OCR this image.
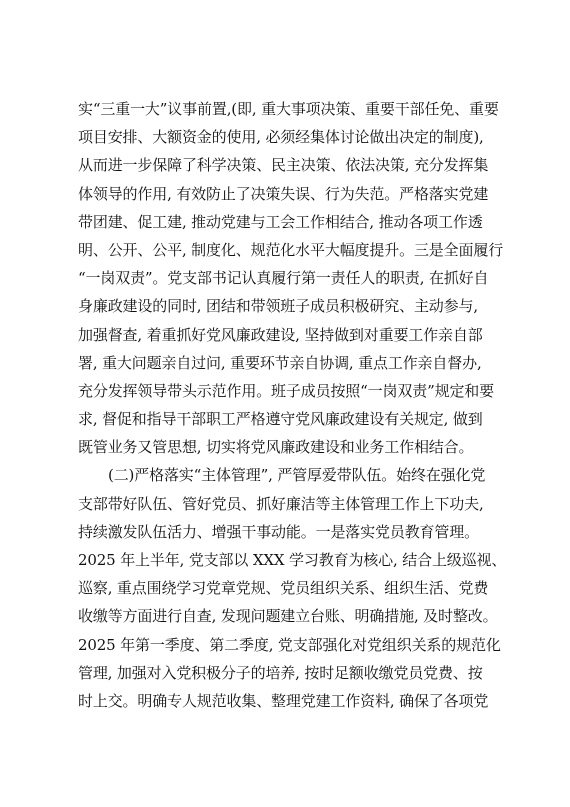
实“三重一大”议事前置,(即, 重大事项决策、重要干部任免、重要
项目安排、大额资金的使用, 必须经集体讨论做出决定的制度),
从而进一步保障了科学决策、民主决策、依法决策, 充分发挥集
体领导的作用, 有效防止了决策失误、行为失范。严格落实党建
带团建、促工建, 推动党建与工会工作相结合, 推动各项工作透
明、公开、公平, 制度化、规范化水平大幅度提升。三是全面履行
“一岗双责”。党支部书记认真履行第一责任人的职责, 在抓好自
身廉政建设的同时, 团结和带领班子成员积极研究、主动参与,
加强督查, 着重抓好党风廉政建设, 坚持做到对重要工作亲自部
署, 重大问题亲自过问, 重要环节亲自协调, 重点工作亲自督办,
充分发挥领导带头示范作用。班子成员按照“一岗双责”规定和要
求, 督促和指导干部职工严格遵守党风廉政建设有关规定, 做到
既管业务又管思想, 切实将党风廉政建设和业务工作相结合。
(二)严格落实“主体管理”, 严管厚爱带队伍。始终在强化党
支部带好队伍、管好党员、抓好廉洁等主体管理工作上下功夫,
持续激发队伍活力、增强干事动能。一是落实党员教育管理。
2025 年上半年, 党支部以 XXX 学习教育为核心, 结合上级巡视、
巡察, 重点围绕学习党章党规、党员组织关系、组织生活、党费
收缴等方面进行自查, 发现问题建立台账、明确措施, 及时整改。
2025 年第一季度、第二季度, 党支部强化对党组织关系的规范化
管理, 加强对入党积极分子的培养, 按时足额收缴党员党费、按
时上交。明确专人规范收集、整理党建工作资料, 确保了各项党
